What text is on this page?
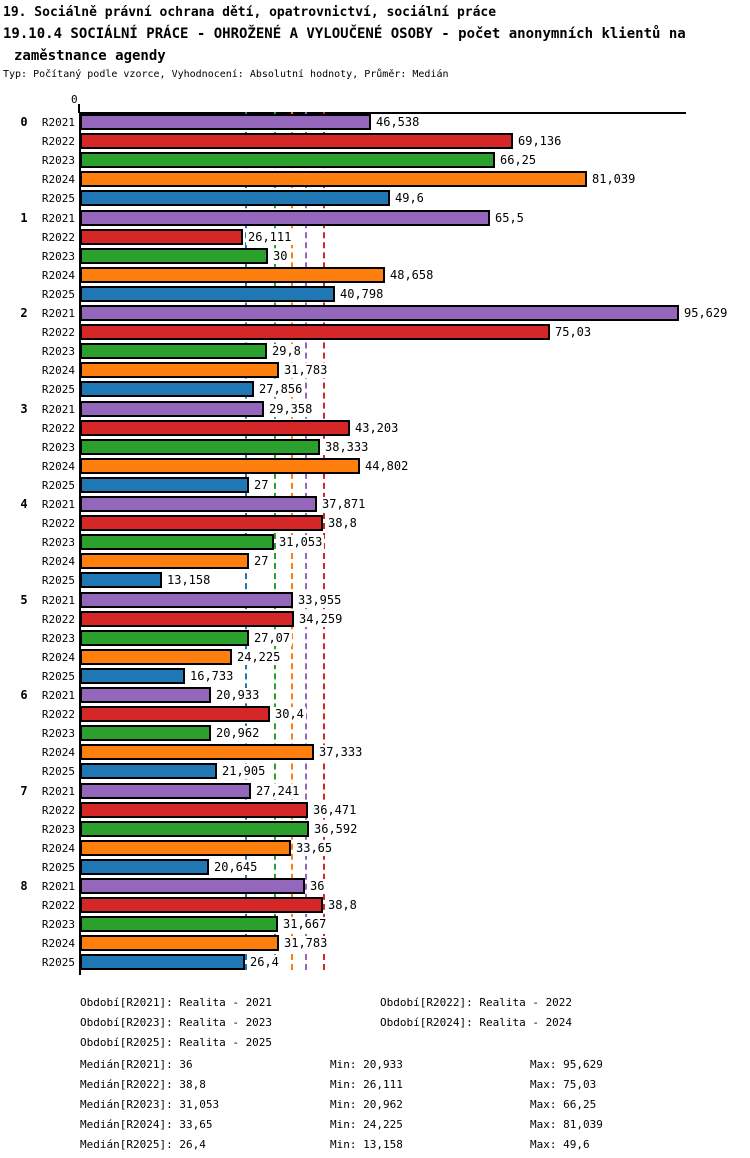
19. Sociálně právní ochrana dětí, opatrovnictví, sociální práce
19.10.4 SOCIÁLNÍ PRÁCE - OHROŽENÉ A VYLOUČENÉ OSOBY - počet anonymních klientů na
zaměstnance agendy
Typ: Počítaný podle vzorce, Vyhodnocení: Absolutní hodnoty, Průměr: Medián
0
0	R2021	46,538
R2022	69,136
R2023	66,25
R2024	81,039
R2025	49,6
1	R2021	65,5
R2022	26,111
R2023	30
R2024	48,658
R2025	40,798
2	R2021	95,629
R2022	75,03
R2023	29,8
R2024	31,783
R2025	27,856
3	R2021	29,358
R2022	43,203
R2023	38,333
R2024	44,802
R2025	27
4	R2021	37,871
R2022	38,8
R2023	31,053
R2024	27
R2025	13,158
5	R2021	33,955
R2022	34,259
R2023	27,07
R2024	24,225
R2025	16,733
6	R2021	20,933
R2022	30,4
R2023	20,962
R2024	37,333
R2025	21,905
7	R2021	27,241
R2022	36,471
R2023	36,592
R2024	33,65
R2025	20,645
8	R2021	36
R2022	38,8
R2023	31,667
R2024	31,783
R2025	26,4
Období[R2021]: Realita - 2021	Období[R2022]: Realita - 2022
Období[R2023]: Realita - 2023	Období[R2024]: Realita - 2024
Období[R2025]: Realita - 2025
Medián[R2021]: 36	Min: 20,933	Max: 95,629
Medián[R2022]: 38,8	Min: 26,111	Max: 75,03
Medián[R2023]: 31,053	Min: 20,962	Max: 66,25
Medián[R2024]: 33,65	Min: 24,225	Max: 81,039
Medián[R2025]: 26,4	Min: 13,158	Max: 49,6
